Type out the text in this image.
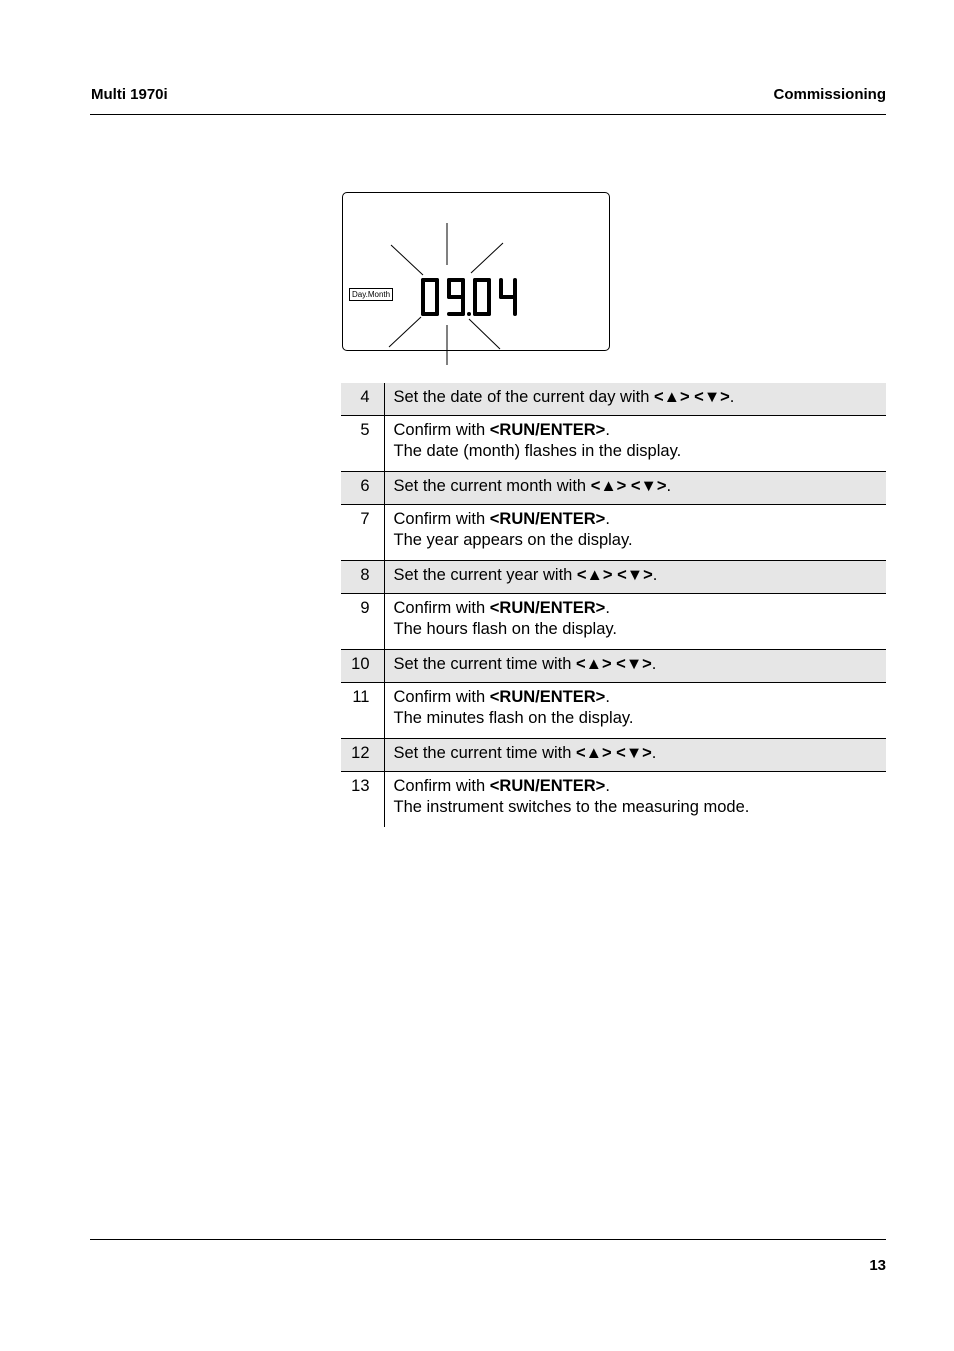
Multi 1970i	Commissioning
Day.Month
4	Set the date of the current day with <▲> <▼>.
5	Confirm with <RUN/ENTER>.
The date (month) flashes in the display.
6	Set the current month with <▲> <▼>.
7	Confirm with <RUN/ENTER>.
The year appears on the display.
8	Set the current year with <▲> <▼>.
9	Confirm with <RUN/ENTER>.
The hours flash on the display.
10	Set the current time with <▲> <▼>.
11	Confirm with <RUN/ENTER>.
The minutes flash on the display.
12	Set the current time with <▲> <▼>.
13	Confirm with <RUN/ENTER>.
The instrument switches to the measuring mode.
13
